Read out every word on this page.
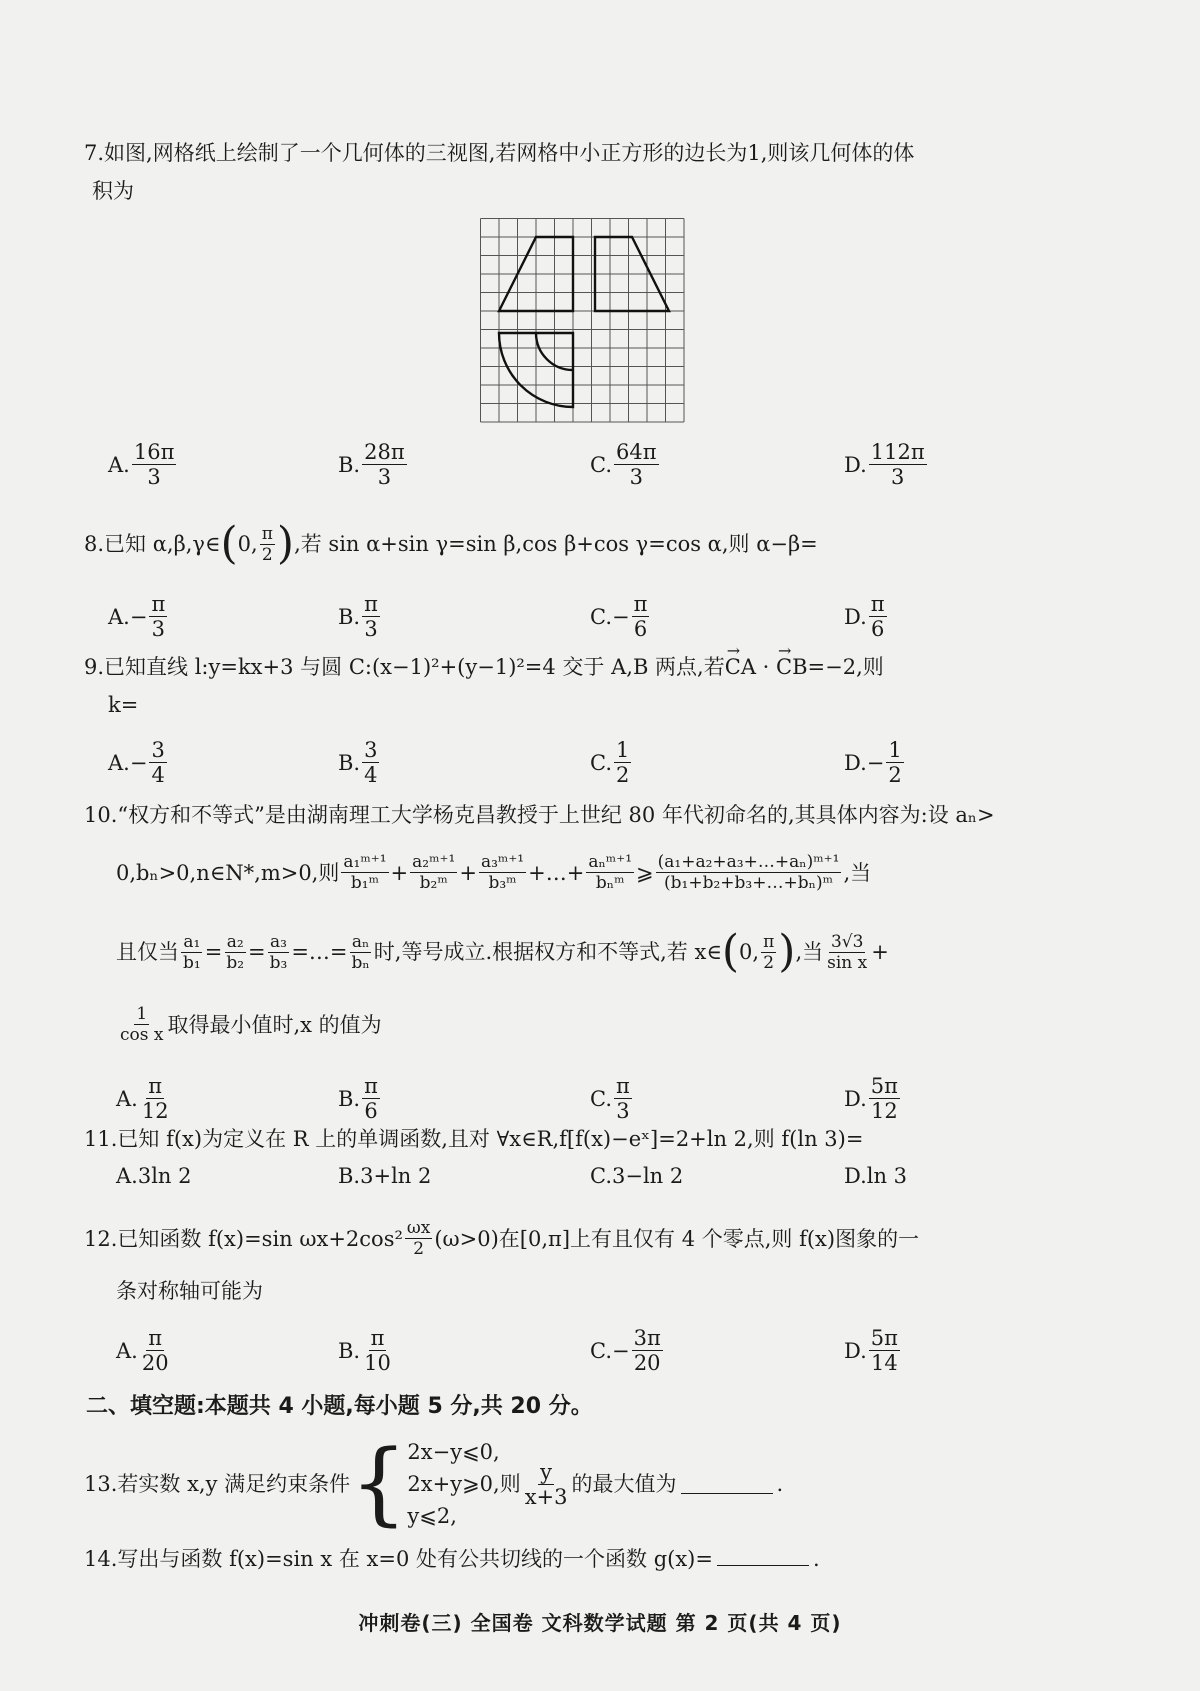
7.如图,网格纸上绘制了一个几何体的三视图,若网格中小正方形的边长为1,则该几何体的体
积为
A. $\frac{16\pi}{3}$	B. $\frac{28\pi}{3}$	C. $\frac{64\pi}{3}$	D. $\frac{112\pi}{3}$
8.已知 α,β,γ∈ ( 0, $\frac{\pi}{2}$ ) ,若 sin α+sin γ=sin β,cos β+cos γ=cos α,则 α−β=
$A.- \frac{\pi}{3}$	B. $\frac{\pi}{3}$	$C.- \frac{\pi}{6}$	D. $\frac{\pi}{6}$
9.已知直线 l:y=kx+3 与圆 C:(x−1)²+(y−1)²=4 交于 A,B 两点,若→ CA · → CB=−2,则
k=
$A.- \frac{3}{4}$	B. $\frac{3}{4}$	C. $\frac{1}{2}$	$D.- \frac{1}{2}$
10.“权方和不等式”是由湖南理工大学杨克昌教授于上世纪 80 年代初命名的,其具体内容为:设 aₙ>
0,bₙ>0,n∈N*,m>0,则 $\frac{\text{a₁ᵐ⁺¹}}{\text{b₁ᵐ}} + \frac{\text{a₂ᵐ⁺¹}}{\text{b₂ᵐ}} + \frac{\text{a₃ᵐ⁺¹}}{\text{b₃ᵐ}}$ +…+ $\frac{\text{aₙᵐ⁺¹}}{\text{bₙᵐ}}$ ⩾ $\frac{\text{(a₁+a₂+a₃+…+aₙ)ᵐ⁺¹}}{\text{(b₁+b₂+b₃+…+bₙ)ᵐ}}$ ,当
且仅当 $\frac{\text{a₁}}{\text{b₁}} = \frac{\text{a₂}}{\text{b₂}} = \frac{\text{a₃}}{\text{b₃}}$ =…= $\frac{\text{aₙ}}{\text{bₙ}}$ 时,等号成立.根据权方和不等式,若 x∈ ( 0, $\frac{\pi}{2}$ ) ,当 $\frac{3√3}{\text{sin x}}$ +
$\frac{1}{\text{cos x}}$ 取得最小值时,x 的值为
A. $\frac{\pi}{12}$	B. $\frac{\pi}{6}$	C. $\frac{\pi}{3}$	D. $\frac{5\pi}{12}$
11.已知 f(x)为定义在 R 上的单调函数,且对 ∀x∈R,f[f(x)−eˣ]=2+ln 2,则 f(ln 3)=
A.3ln 2	B.3+ln 2	C.3−ln 2	D.ln 3
12.已知函数 f(x)=sin $\omega x+2\cos^2 \frac{\omega x}{2} (\omega>0)$在[0,π]上有且仅有 4 个零点,则 f(x)图象的一
条对称轴可能为
A. $\frac{\pi}{20}$	B. $\frac{\pi}{10}$	$C.- \frac{3\pi}{20}$	D. $\frac{5\pi}{14}$
二、填空题:本题共 4 小题,每小题 5 分,共 20 分。
13.若实数 x,y 满足约束条件 { 2x−y⩽0,
2x+y⩾0,
y⩽2,
则 $\frac{y}{x+3}$ 的最大值为	.
14.写出与函数 f(x)=sin x 在 x=0 处有公共切线的一个函数 g(x)=	.
冲刺卷(三) 全国卷 文科数学试题 第 2 页(共 4 页)
